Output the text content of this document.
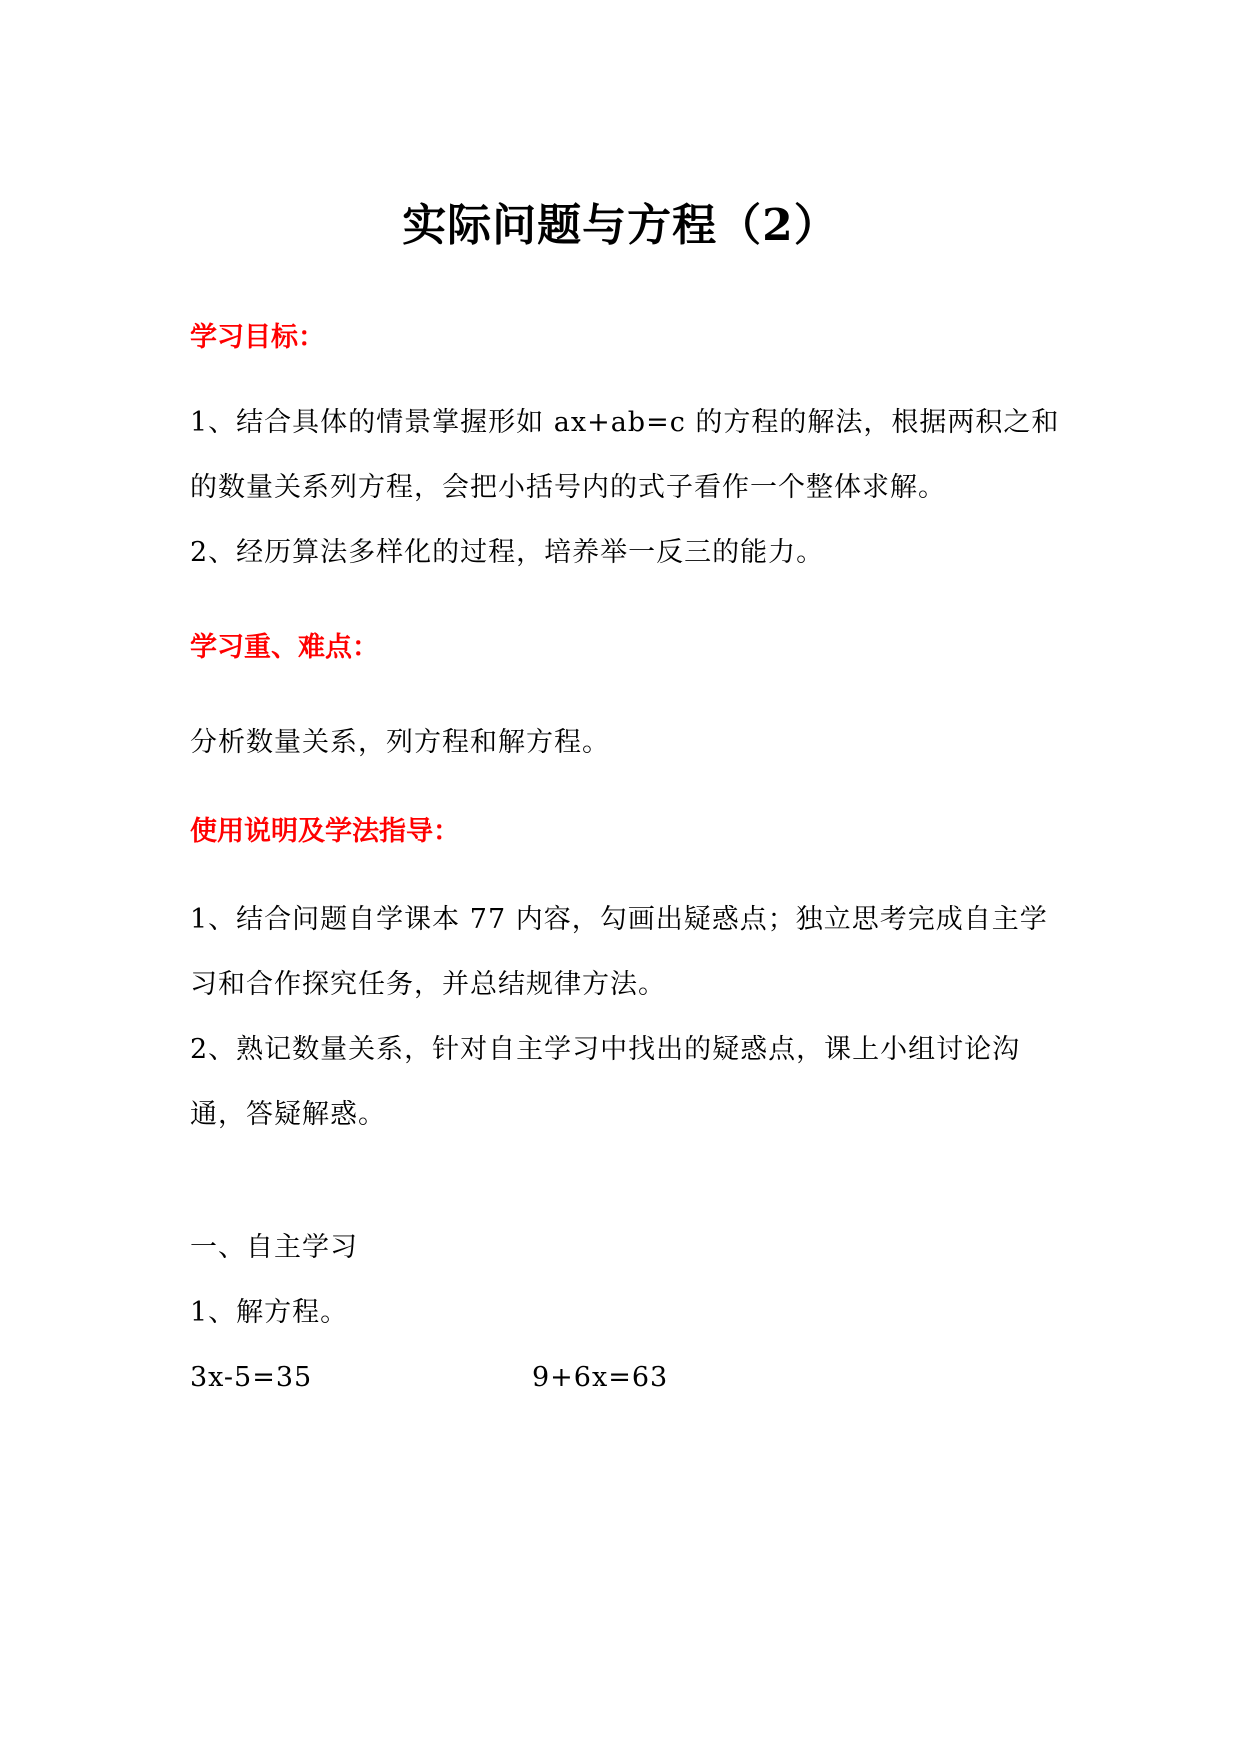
实际问题与方程（2）
学习目标：
1、结合具体的情景掌握形如 ax+ab=c 的方程的解法，根据两积之和的数量关系列方程，会把小括号内的式子看作一个整体求解。
2、经历算法多样化的过程，培养举一反三的能力。
学习重、难点：
分析数量关系，列方程和解方程。
使用说明及学法指导：
1、结合问题自学课本 77 内容，勾画出疑惑点；独立思考完成自主学习和合作探究任务，并总结规律方法。
2、熟记数量关系，针对自主学习中找出的疑惑点，课上小组讨论沟通，答疑解惑。
一、自主学习
1、解方程。
3x-5=35	9+6x=63
